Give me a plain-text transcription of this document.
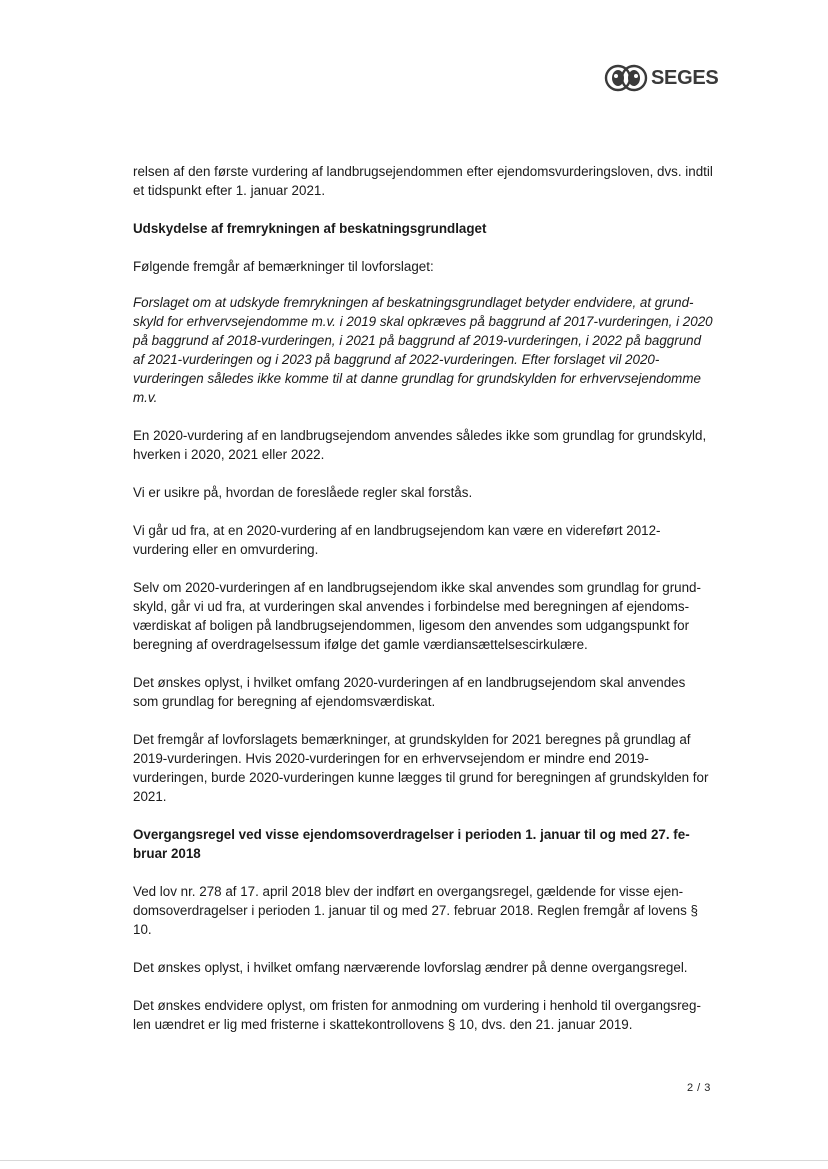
SEGES

relsen af den første vurdering af landbrugsejendommen efter ejendomsvurderingsloven, dvs. indtil et tidspunkt efter 1. januar 2021.

Udskydelse af fremrykningen af beskatningsgrundlaget

Følgende fremgår af bemærkninger til lovforslaget:

Forslaget om at udskyde fremrykningen af beskatningsgrundlaget betyder endvidere, at grundskyld for erhvervsejendomme m.v. i 2019 skal opkræves på baggrund af 2017-vurderingen, i 2020 på baggrund af 2018-vurderingen, i 2021 på baggrund af 2019-vurderingen, i 2022 på baggrund af 2021-vurderingen og i 2023 på baggrund af 2022-vurderingen. Efter forslaget vil 2020-vurderingen således ikke komme til at danne grundlag for grundskylden for erhvervsejendomme m.v.

En 2020-vurdering af en landbrugsejendom anvendes således ikke som grundlag for grundskyld, hverken i 2020, 2021 eller 2022.

Vi er usikre på, hvordan de foreslåede regler skal forstås.

Vi går ud fra, at en 2020-vurdering af en landbrugsejendom kan være en videreført 2012-vurdering eller en omvurdering.

Selv om 2020-vurderingen af en landbrugsejendom ikke skal anvendes som grundlag for grundskyld, går vi ud fra, at vurderingen skal anvendes i forbindelse med beregningen af ejendomsværdiskat af boligen på landbrugsejendommen, ligesom den anvendes som udgangspunkt for beregning af overdragelsessum ifølge det gamle værdiansættelsescirkulære.

Det ønskes oplyst, i hvilket omfang 2020-vurderingen af en landbrugsejendom skal anvendes som grundlag for beregning af ejendomsværdiskat.

Det fremgår af lovforslagets bemærkninger, at grundskylden for 2021 beregnes på grundlag af 2019-vurderingen. Hvis 2020-vurderingen for en erhvervsejendom er mindre end 2019-vurderingen, burde 2020-vurderingen kunne lægges til grund for beregningen af grundskylden for 2021.

Overgangsregel ved visse ejendomsoverdragelser i perioden 1. januar til og med 27. februar 2018

Ved lov nr. 278 af 17. april 2018 blev der indført en overgangsregel, gældende for visse ejendomsoverdragelser i perioden 1. januar til og med 27. februar 2018. Reglen fremgår af lovens § 10.

Det ønskes oplyst, i hvilket omfang nærværende lovforslag ændrer på denne overgangsregel.

Det ønskes endvidere oplyst, om fristen for anmodning om vurdering i henhold til overgangsreglen uændret er lig med fristerne i skattekontrollovens § 10, dvs. den 21. januar 2019.

2 / 3
